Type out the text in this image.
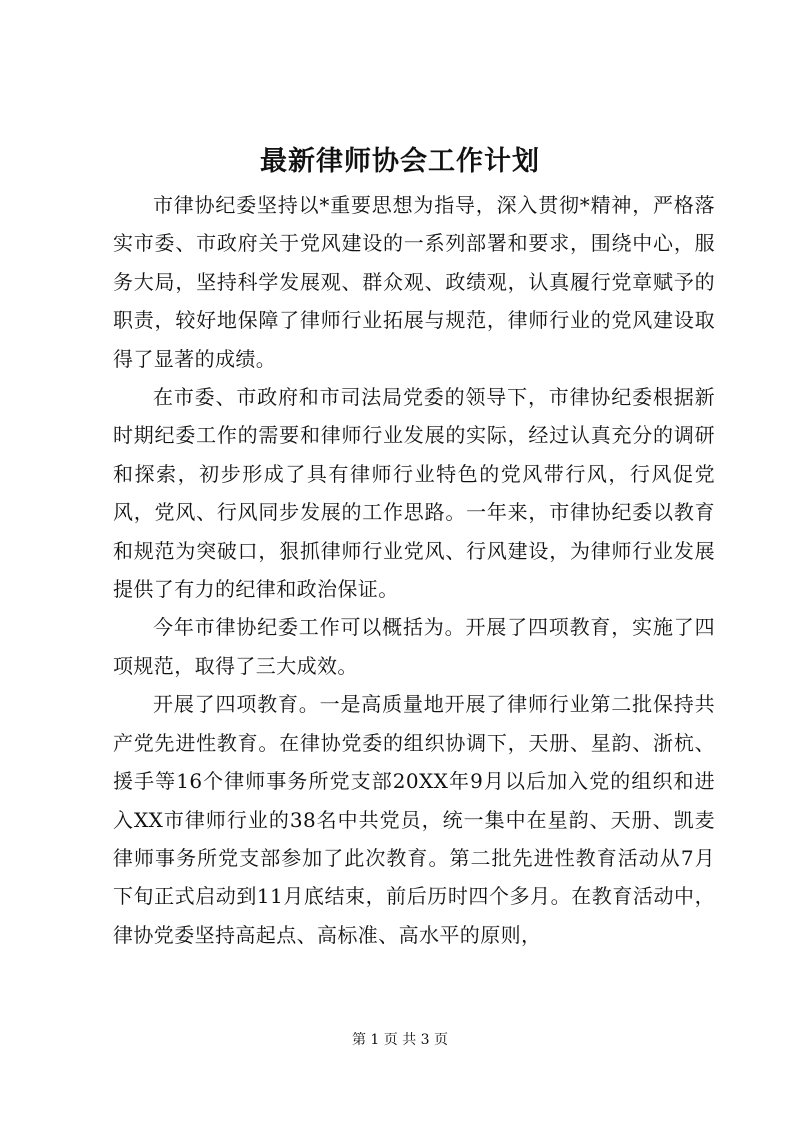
最新律师协会工作计划

市律协纪委坚持以*重要思想为指导，深入贯彻*精神，严格落实市委、市政府关于党风建设的一系列部署和要求，围绕中心，服务大局，坚持科学发展观、群众观、政绩观，认真履行党章赋予的职责，较好地保障了律师行业拓展与规范，律师行业的党风建设取得了显著的成绩。

在市委、市政府和市司法局党委的领导下，市律协纪委根据新时期纪委工作的需要和律师行业发展的实际，经过认真充分的调研和探索，初步形成了具有律师行业特色的党风带行风，行风促党风，党风、行风同步发展的工作思路。一年来，市律协纪委以教育和规范为突破口，狠抓律师行业党风、行风建设，为律师行业发展提供了有力的纪律和政治保证。

今年市律协纪委工作可以概括为。开展了四项教育，实施了四项规范，取得了三大成效。

开展了四项教育。一是高质量地开展了律师行业第二批保持共产党先进性教育。在律协党委的组织协调下，天册、星韵、浙杭、援手等16个律师事务所党支部20XX年9月以后加入党的组织和进入XX市律师行业的38名中共党员，统一集中在星韵、天册、凯麦律师事务所党支部参加了此次教育。第二批先进性教育活动从7月下旬正式启动到11月底结束，前后历时四个多月。在教育活动中，律协党委坚持高起点、高标准、高水平的原则，

第 1 页 共 3 页
